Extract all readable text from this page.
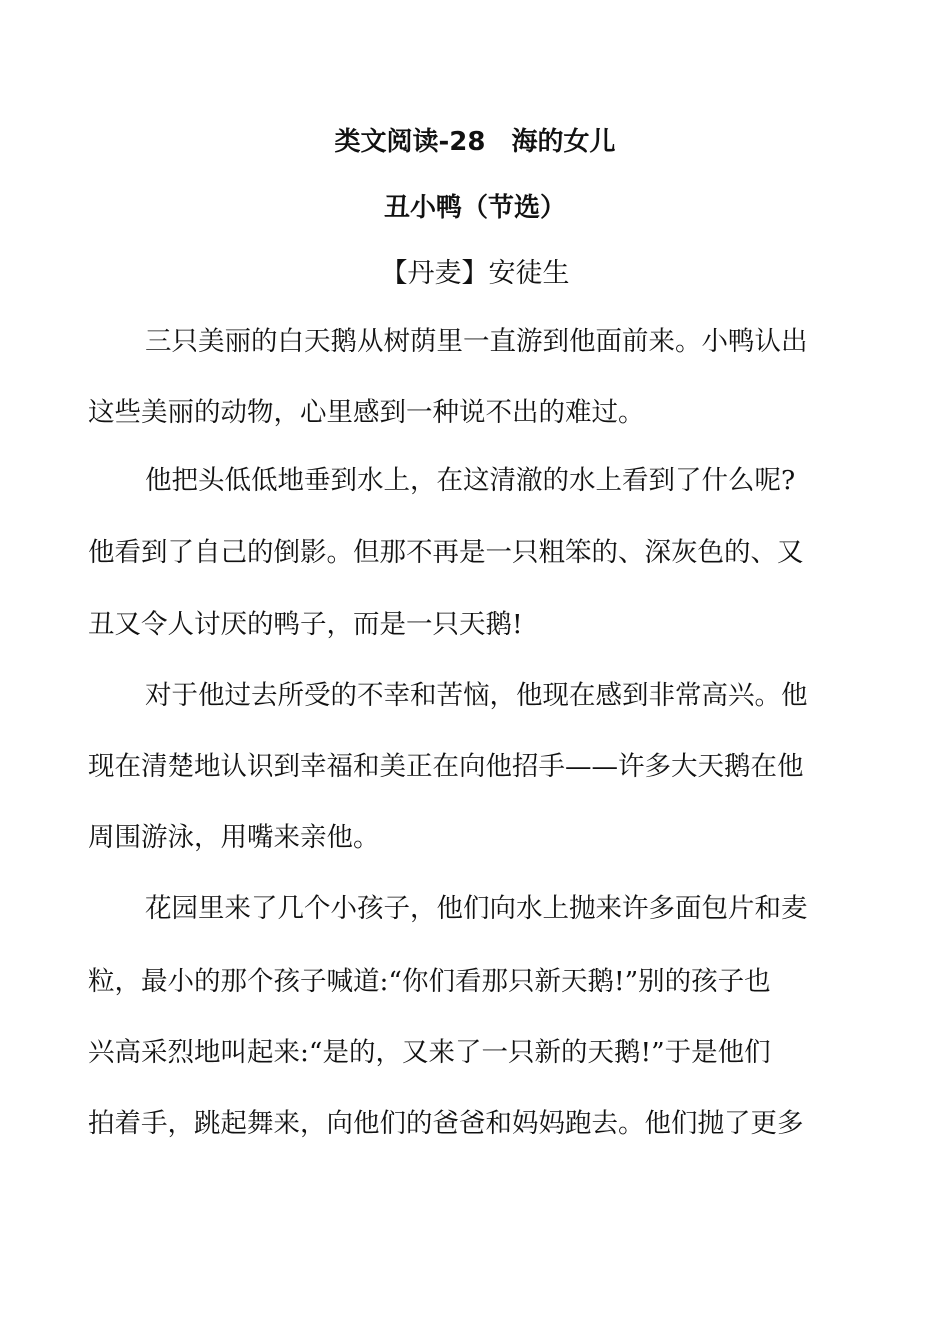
类文阅读-28　海的女儿
丑小鸭（节选）
【丹麦】安徒生
三只美丽的白天鹅从树荫里一直游到他面前来。小鸭认出
这些美丽的动物，心里感到一种说不出的难过。
他把头低低地垂到水上，在这清澈的水上看到了什么呢?
他看到了自己的倒影。但那不再是一只粗笨的、深灰色的、又
丑又令人讨厌的鸭子，而是一只天鹅!
对于他过去所受的不幸和苦恼，他现在感到非常高兴。他
现在清楚地认识到幸福和美正在向他招手——许多大天鹅在他
周围游泳，用嘴来亲他。
花园里来了几个小孩子，他们向水上抛来许多面包片和麦
粒，最小的那个孩子喊道:“你们看那只新天鹅!”别的孩子也
兴高采烈地叫起来:“是的，又来了一只新的天鹅!”于是他们
拍着手，跳起舞来，向他们的爸爸和妈妈跑去。他们抛了更多
